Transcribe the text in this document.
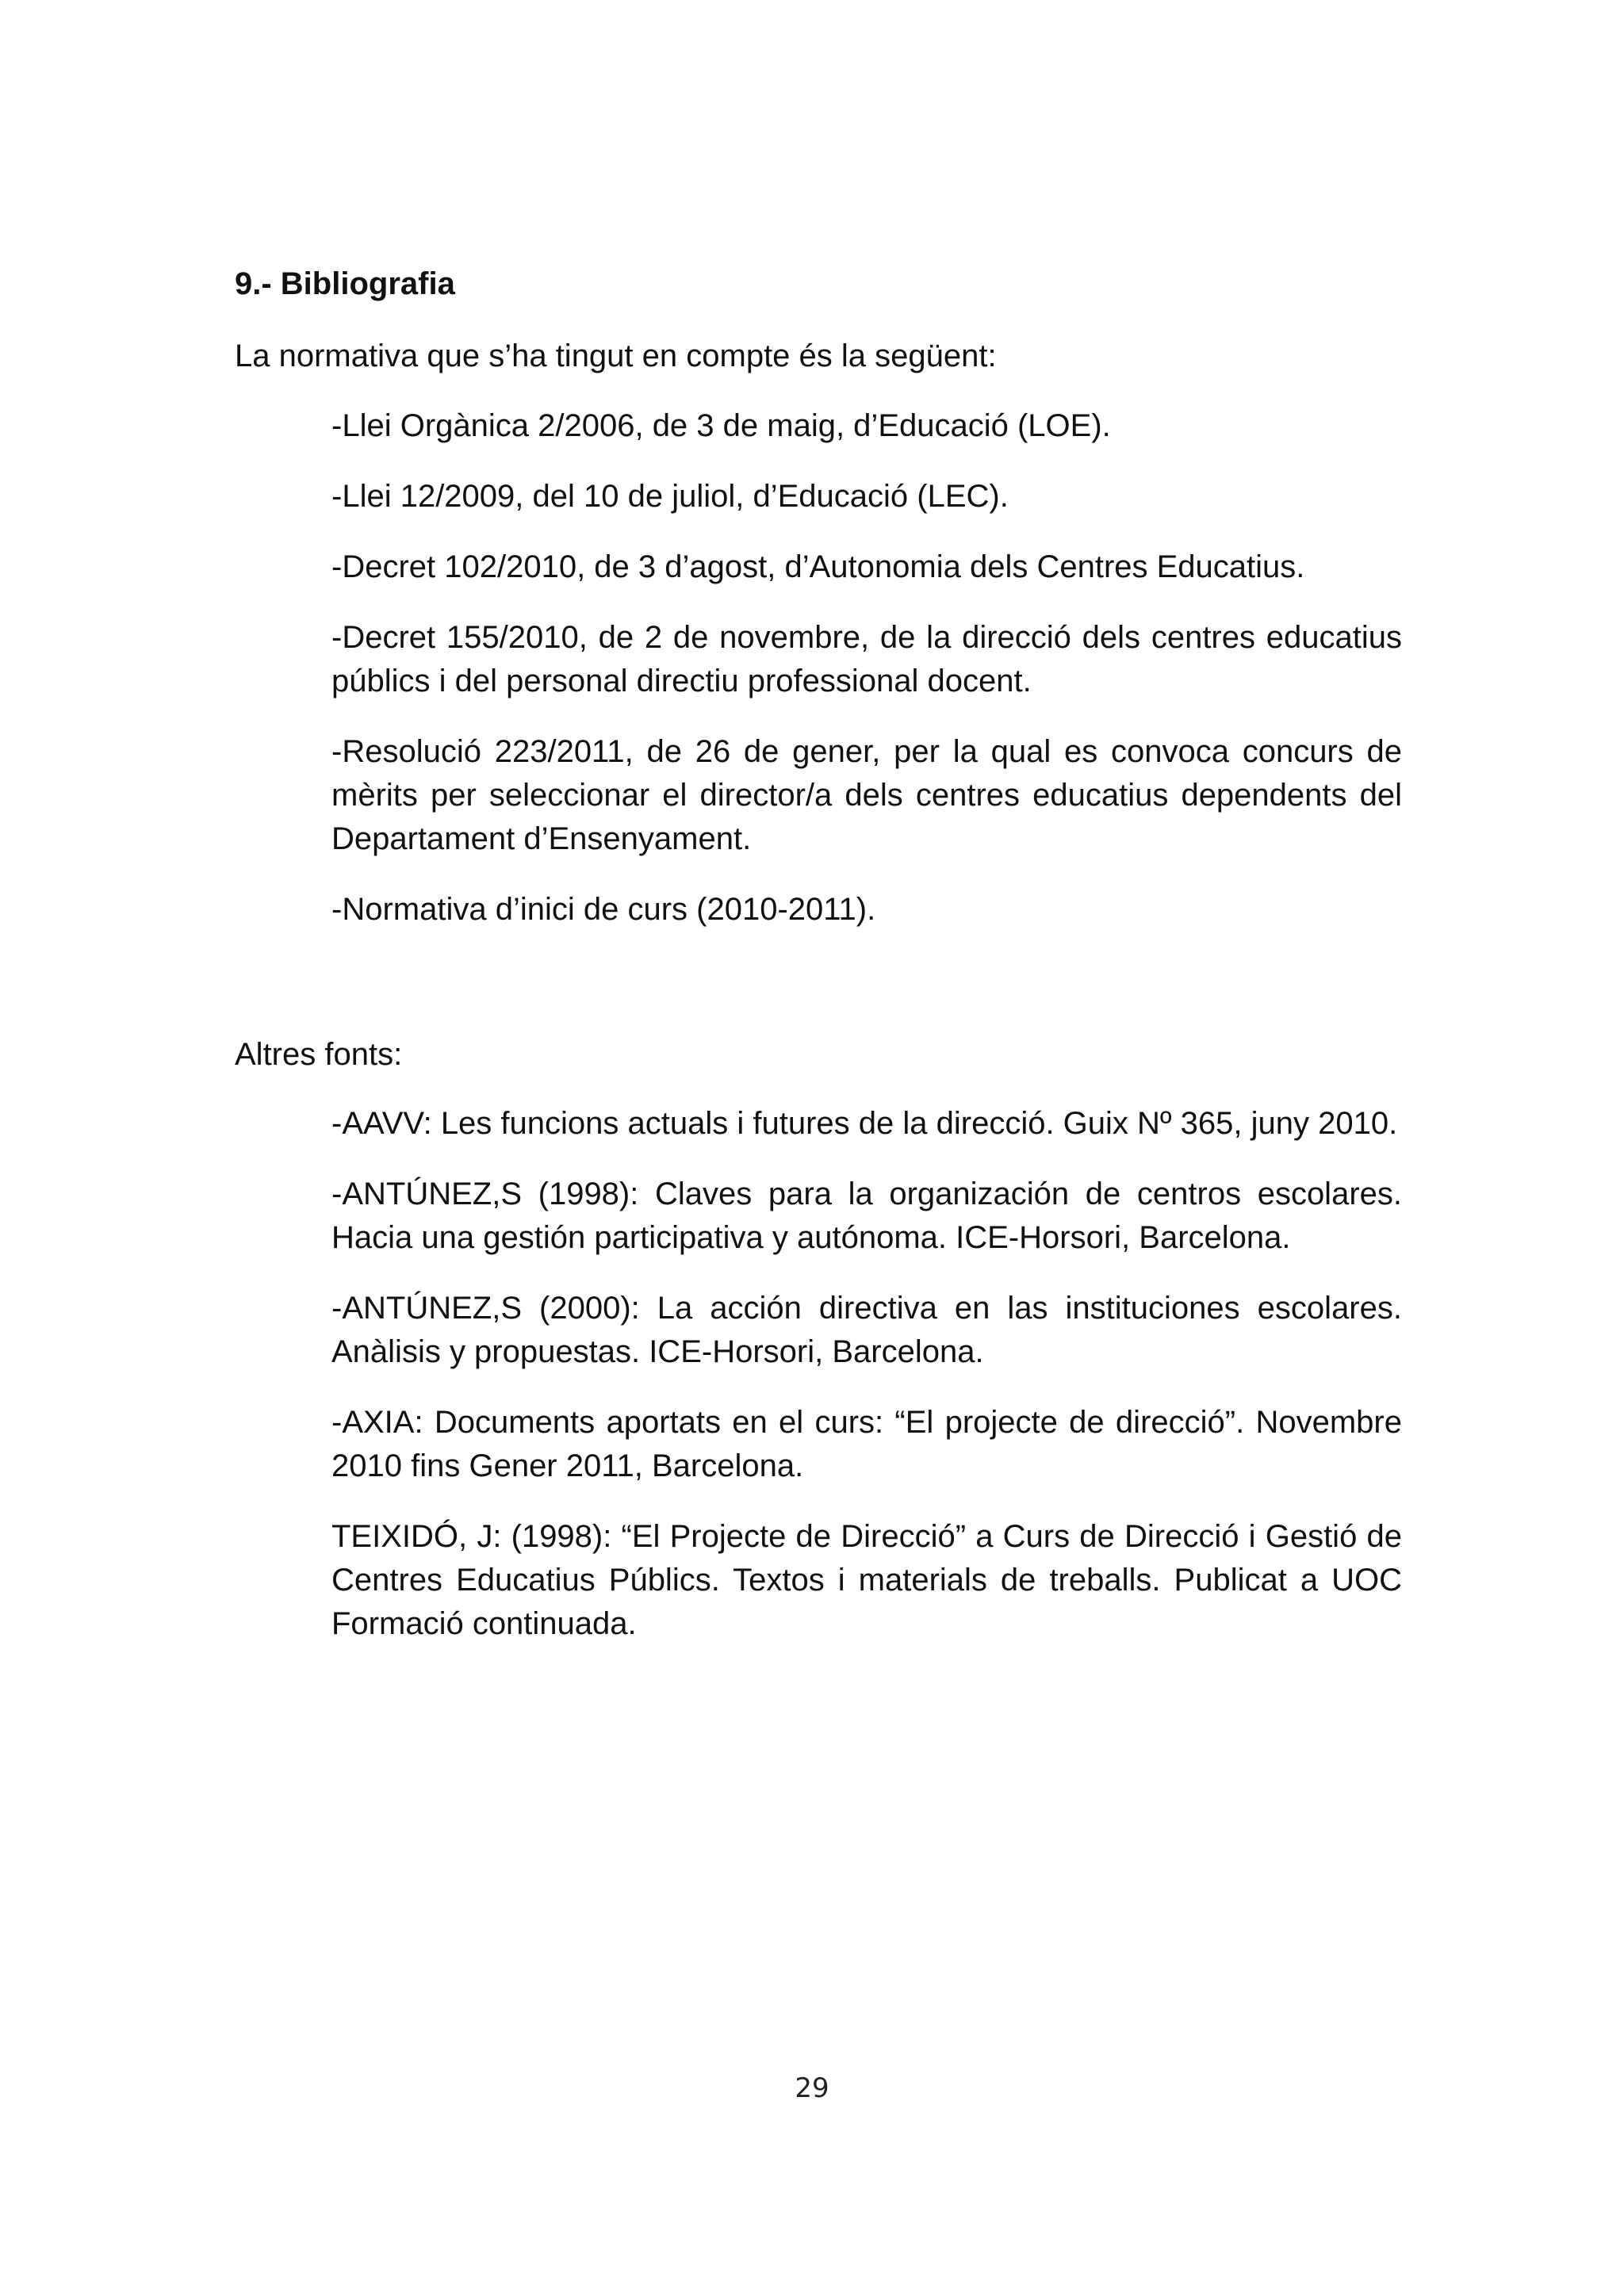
9.- Bibliografia

La normativa que s’ha tingut en compte és la següent:

-Llei Orgànica 2/2006, de 3 de maig, d’Educació (LOE).

-Llei 12/2009, del 10 de juliol, d’Educació (LEC).

-Decret 102/2010, de 3 d’agost, d’Autonomia dels Centres Educatius.

-Decret 155/2010, de 2 de novembre, de la direcció dels centres educatius públics i del personal directiu professional docent.

-Resolució 223/2011, de 26 de gener, per la qual es convoca concurs de mèrits per seleccionar el director/a dels centres educatius dependents del Departament d’Ensenyament.

-Normativa d’inici de curs (2010-2011).

Altres fonts:

-AAVV: Les funcions actuals i futures de la direcció. Guix Nº 365, juny 2010.

-ANTÚNEZ,S (1998): Claves para la organización de centros escolares. Hacia una gestión participativa y autónoma. ICE-Horsori, Barcelona.

-ANTÚNEZ,S (2000): La acción directiva en las instituciones escolares. Anàlisis y propuestas. ICE-Horsori, Barcelona.

-AXIA: Documents aportats en el curs: “El projecte de direcció”. Novembre 2010 fins Gener 2011, Barcelona.

TEIXIDÓ, J: (1998): “El Projecte de Direcció” a Curs de Direcció i Gestió de Centres Educatius Públics. Textos i materials de treballs. Publicat a UOC Formació continuada.

29
